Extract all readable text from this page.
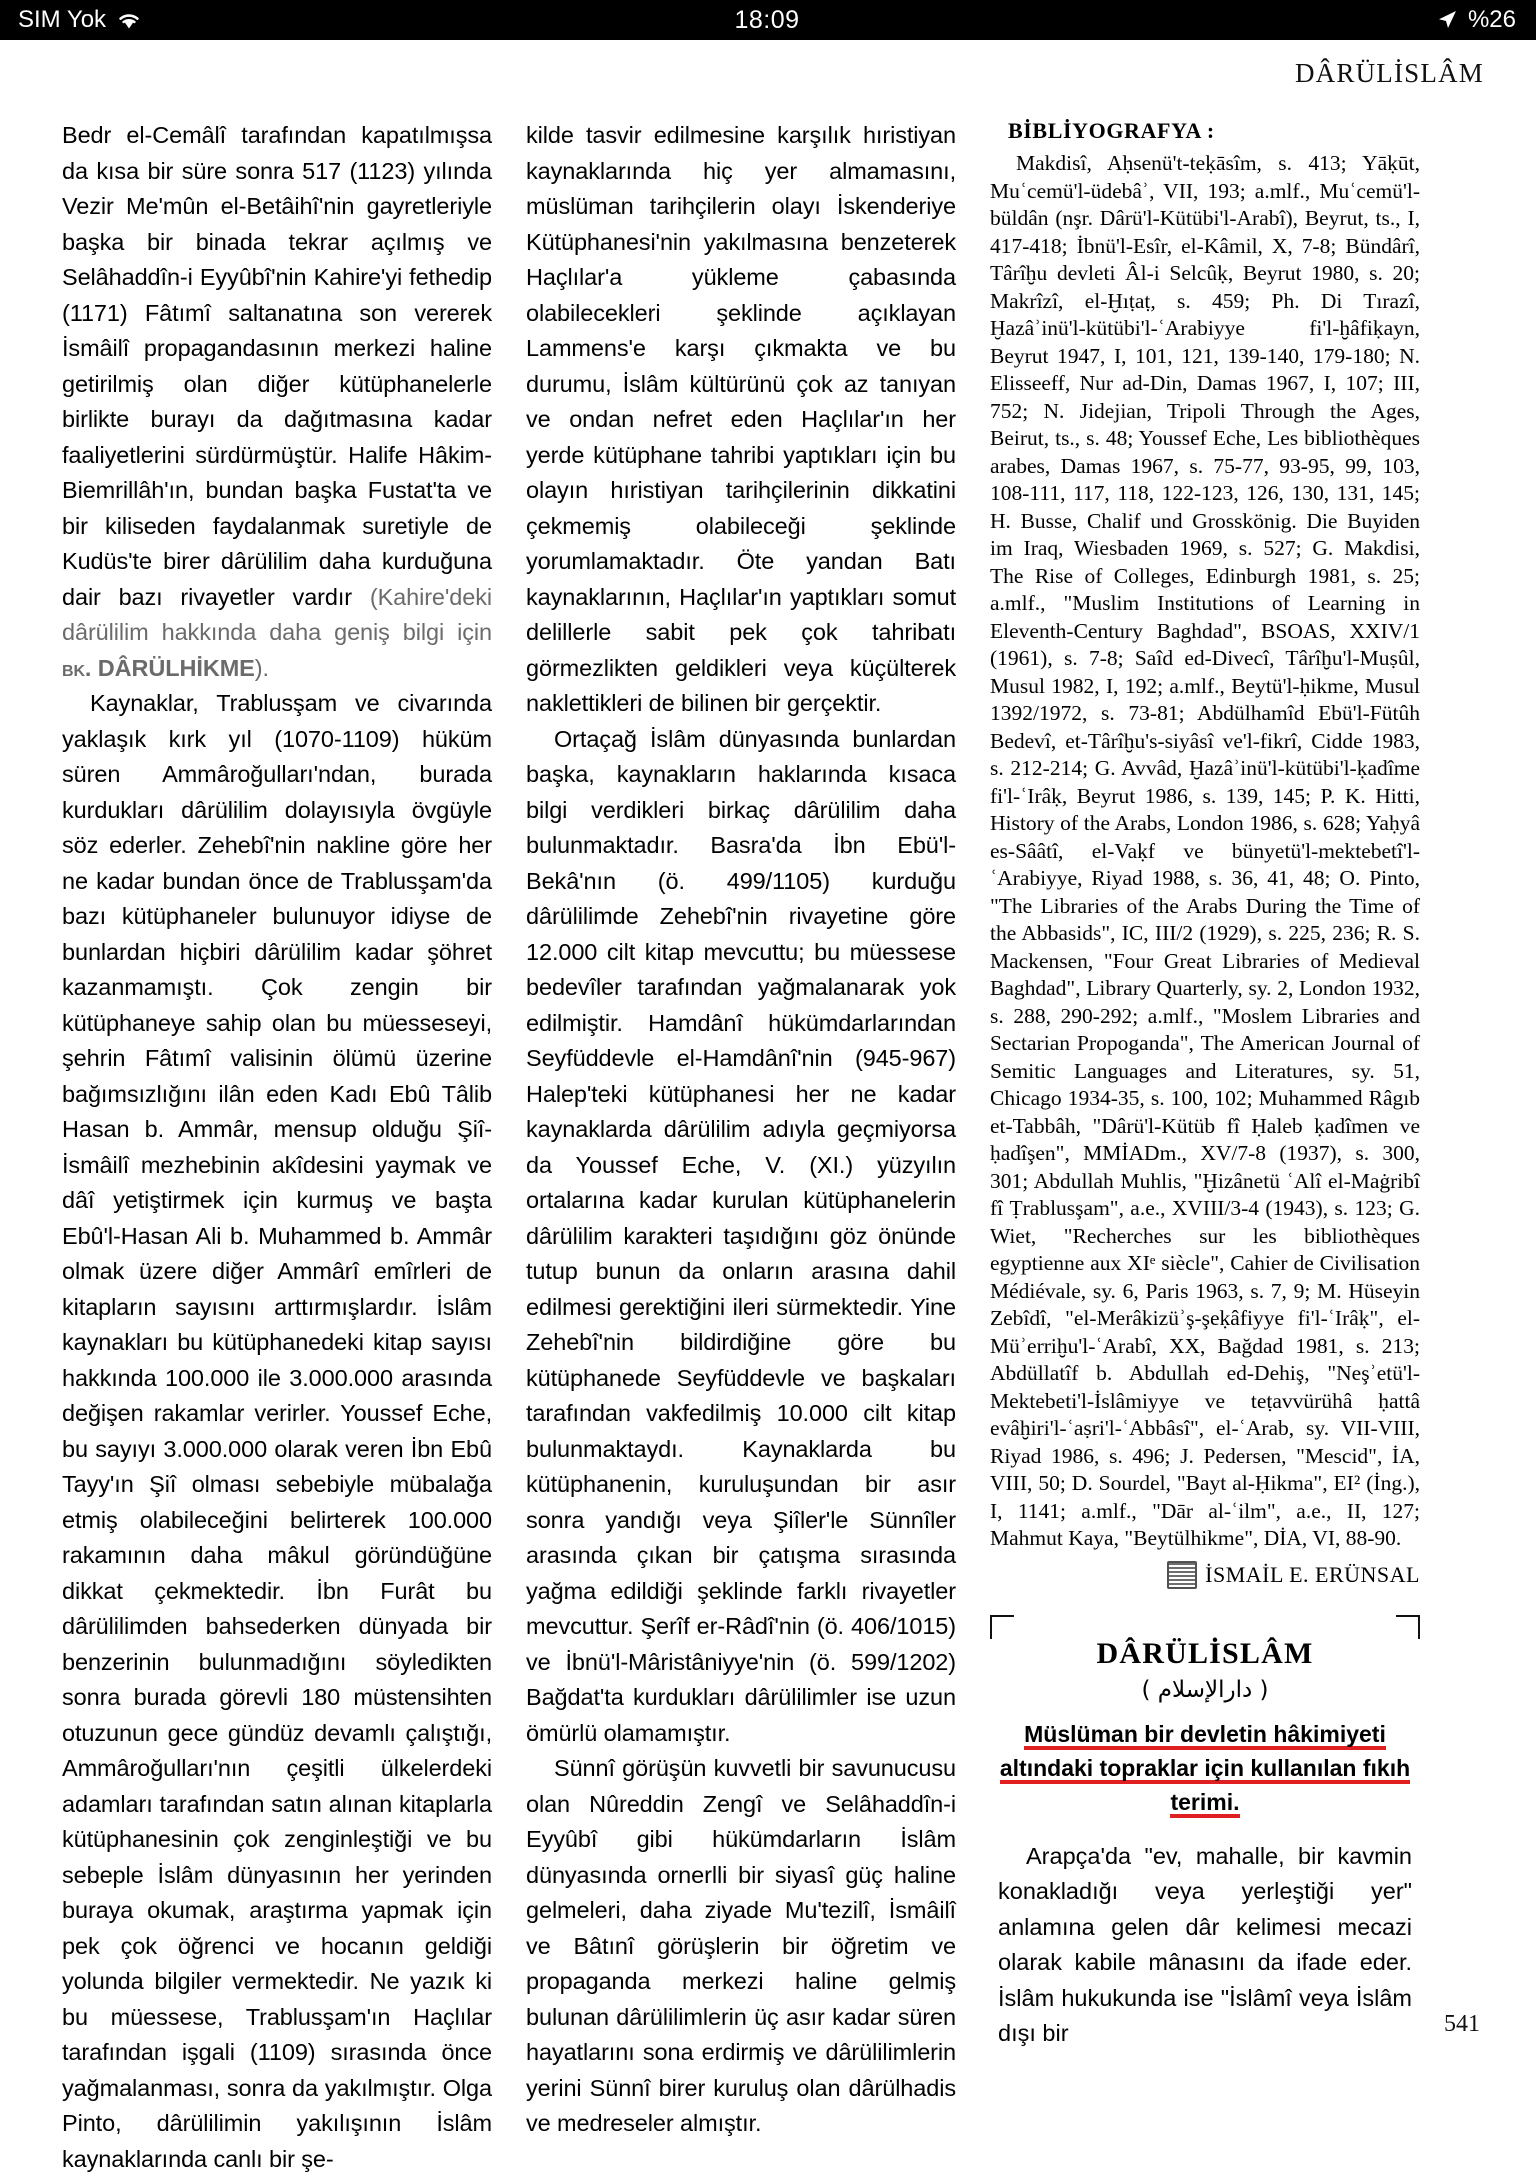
SIM Yok	18:09	%26
DÂRÜLİSLÂM

Bedr el-Cemâlî tarafından kapatılmışsa da kısa bir süre sonra 517 (1123) yılında Vezir Me'mûn el-Betâihî'nin gayretleriyle başka bir binada tekrar açılmış ve Selâhaddîn-i Eyyûbî'nin Kahire'yi fethedip (1171) Fâtımî saltanatına son vererek İsmâilî propagandasının merkezi haline getirilmiş olan diğer kütüphanelerle birlikte burayı da dağıtmasına kadar faaliyetlerini sürdürmüştür. Halife Hâkim-Biemrillâh'ın, bundan başka Fustat'ta ve bir kiliseden faydalanmak suretiyle de Kudüs'te birer dârülilim daha kurduğuna dair bazı rivayetler vardır (Kahire'deki dârülilim hakkında daha geniş bilgi için bk. DÂRÜLHİKME).

Kaynaklar, Trablusşam ve civarında yaklaşık kırk yıl (1070-1109) hüküm süren Ammâroğulları'ndan, burada kurdukları dârülilim dolayısıyla övgüyle söz ederler. Zehebî'nin nakline göre her ne kadar bundan önce de Trablusşam'da bazı kütüphaneler bulunuyor idiyse de bunlardan hiçbiri dârülilim kadar şöhret kazanmamıştı. Çok zengin bir kütüphaneye sahip olan bu müesseseyi, şehrin Fâtımî valisinin ölümü üzerine bağımsızlığını ilân eden Kadı Ebû Tâlib Hasan b. Ammâr, mensup olduğu Şiî-İsmâilî mezhebinin akîdesini yaymak ve dâî yetiştirmek için kurmuş ve başta Ebû'l-Hasan Ali b. Muhammed b. Ammâr olmak üzere diğer Ammârî emîrleri de kitapların sayısını arttırmışlardır. İslâm kaynakları bu kütüphanedeki kitap sayısı hakkında 100.000 ile 3.000.000 arasında değişen rakamlar verirler. Youssef Eche, bu sayıyı 3.000.000 olarak veren İbn Ebû Tayy'ın Şiî olması sebebiyle mübalağa etmiş olabileceğini belirterek 100.000 rakamının daha mâkul göründüğüne dikkat çekmektedir. İbn Furât bu dârülilimden bahsederken dünyada bir benzerinin bulunmadığını söyledikten sonra burada görevli 180 müstensihten otuzunun gece gündüz devamlı çalıştığı, Ammâroğulları'nın çeşitli ülkelerdeki adamları tarafından satın alınan kitaplarla kütüphanesinin çok zenginleştiği ve bu sebeple İslâm dünyasının her yerinden buraya okumak, araştırma yapmak için pek çok öğrenci ve hocanın geldiği yolunda bilgiler vermektedir. Ne yazık ki bu müessese, Trablusşam'ın Haçlılar tarafından işgali (1109) sırasında önce yağmalanması, sonra da yakılmıştır. Olga Pinto, dârülilimin yakılışının İslâm kaynaklarında canlı bir şe-

kilde tasvir edilmesine karşılık hıristiyan kaynaklarında hiç yer almamasını, müslüman tarihçilerin olayı İskenderiye Kütüphanesi'nin yakılmasına benzeterek Haçlılar'a yükleme çabasında olabilecekleri şeklinde açıklayan Lammens'e karşı çıkmakta ve bu durumu, İslâm kültürünü çok az tanıyan ve ondan nefret eden Haçlılar'ın her yerde kütüphane tahribi yaptıkları için bu olayın hıristiyan tarihçilerinin dikkatini çekmemiş olabileceği şeklinde yorumlamaktadır. Öte yandan Batı kaynaklarının, Haçlılar'ın yaptıkları somut delillerle sabit pek çok tahribatı görmezlikten geldikleri veya küçülterek naklettikleri de bilinen bir gerçektir.

Ortaçağ İslâm dünyasında bunlardan başka, kaynakların haklarında kısaca bilgi verdikleri birkaç dârülilim daha bulunmaktadır. Basra'da İbn Ebü'l-Bekâ'nın (ö. 499/1105) kurduğu dârülilimde Zehebî'nin rivayetine göre 12.000 cilt kitap mevcuttu; bu müessese bedevîler tarafından yağmalanarak yok edilmiştir. Hamdânî hükümdarlarından Seyfüddevle el-Hamdânî'nin (945-967) Halep'teki kütüphanesi her ne kadar kaynaklarda dârülilim adıyla geçmiyorsa da Youssef Eche, V. (XI.) yüzyılın ortalarına kadar kurulan kütüphanelerin dârülilim karakteri taşıdığını göz önünde tutup bunun da onların arasına dahil edilmesi gerektiğini ileri sürmektedir. Yine Zehebî'nin bildirdiğine göre bu kütüphanede Seyfüddevle ve başkaları tarafından vakfedilmiş 10.000 cilt kitap bulunmaktaydı. Kaynaklarda bu kütüphanenin, kuruluşundan bir asır sonra yandığı veya Şiîler'le Sünnîler arasında çıkan bir çatışma sırasında yağma edildiği şeklinde farklı rivayetler mevcuttur. Şerîf er-Râdî'nin (ö. 406/1015) ve İbnü'l-Mâristâniyye'nin (ö. 599/1202) Bağdat'ta kurdukları dârülilimler ise uzun ömürlü olamamıştır.

Sünnî görüşün kuvvetli bir savunucusu olan Nûreddin Zengî ve Selâhaddîn-i Eyyûbî gibi hükümdarların İslâm dünyasında ornerlli bir siyasî güç haline gelmeleri, daha ziyade Mu'tezilî, İsmâilî ve Bâtınî görüşlerin bir öğretim ve propaganda merkezi haline gelmiş bulunan dârülilimlerin üç asır kadar süren hayatlarını sona erdirmiş ve dârülilimlerin yerini Sünnî birer kuruluş olan dârülhadis ve medreseler almıştır.

BİBLİYOGRAFYA :

Makdisî, Aḥsenü't-teḳāsîm, s. 413; Yāḳūt, Muʿcemü'l-üdebâʾ, VII, 193; a.mlf., Muʿcemü'l-büldân (nşr. Dârü'l-Kütübi'l-Arabî), Beyrut, ts., I, 417-418; İbnü'l-Esîr, el-Kâmil, X, 7-8; Bündârî, Târîḫu devleti Âl-i Selcûḳ, Beyrut 1980, s. 20; Makrîzî, el-Ḫıṭaṭ, s. 459; Ph. Di Tırazî, Ḫazâʾinü'l-kütübi'l-ʿArabiyye fi'l-ḫâfiḳayn, Beyrut 1947, I, 101, 121, 139-140, 179-180; N. Elisseeff, Nur ad-Din, Damas 1967, I, 107; III, 752; N. Jidejian, Tripoli Through the Ages, Beirut, ts., s. 48; Youssef Eche, Les bibliothèques arabes, Damas 1967, s. 75-77, 93-95, 99, 103, 108-111, 117, 118, 122-123, 126, 130, 131, 145; H. Busse, Chalif und Grosskönig. Die Buyiden im Iraq, Wiesbaden 1969, s. 527; G. Makdisi, The Rise of Colleges, Edinburgh 1981, s. 25; a.mlf., "Muslim Institutions of Learning in Eleventh-Century Baghdad", BSOAS, XXIV/1 (1961), s. 7-8; Saîd ed-Divecî, Târîḫu'l-Muṣûl, Musul 1982, I, 192; a.mlf., Beytü'l-ḥikme, Musul 1392/1972, s. 73-81; Abdülhamîd Ebü'l-Fütûh Bedevî, et-Târîḫu's-siyâsî ve'l-fikrî, Cidde 1983, s. 212-214; G. Avvâd, Ḫazâʾinü'l-kütübi'l-ḳadîme fi'l-ʿIrâḳ, Beyrut 1986, s. 139, 145; P. K. Hitti, History of the Arabs, London 1986, s. 628; Yaḥyâ es-Sââtî, el-Vaḳf ve bünyetü'l-mektebetî'l-ʿArabiyye, Riyad 1988, s. 36, 41, 48; O. Pinto, "The Libraries of the Arabs During the Time of the Abbasids", IC, III/2 (1929), s. 225, 236; R. S. Mackensen, "Four Great Libraries of Medieval Baghdad", Library Quarterly, sy. 2, London 1932, s. 288, 290-292; a.mlf., "Moslem Libraries and Sectarian Propoganda", The American Journal of Semitic Languages and Literatures, sy. 51, Chicago 1934-35, s. 100, 102; Muhammed Râgıb et-Tabbâh, "Dârü'l-Kütüb fî Ḥaleb ḳadîmen ve ḥadîşen", MMİADm., XV/7-8 (1937), s. 300, 301; Abdullah Muhlis, "Ḫizânetü ʿAlî el-Maġribî fî Ṭrablusşam", a.e., XVIII/3-4 (1943), s. 123; G. Wiet, "Recherches sur les bibliothèques egyptienne aux XIᵉ siècle", Cahier de Civilisation Médiévale, sy. 6, Paris 1963, s. 7, 9; M. Hüseyin Zebîdî, "el-Merâkizüʾş-şeḳâfiyye fi'l-ʿIrâḳ", el-Müʾerriḫu'l-ʿArabî, XX, Bağdad 1981, s. 213; Abdüllatîf b. Abdullah ed-Dehiş, "Neşʾetü'l-Mektebeti'l-İslâmiyye ve teṭavvürühâ ḥattâ evâḫiri'l-ʿaṣri'l-ʿAbbâsî", el-ʿArab, sy. VII-VIII, Riyad 1986, s. 496; J. Pedersen, "Mescid", İA, VIII, 50; D. Sourdel, "Bayt al-Ḥikma", EI² (İng.), I, 1141; a.mlf., "Dār al-ʿilm", a.e., II, 127; Mahmut Kaya, "Beytülhikme", DİA, VI, 88-90.

İSMAİL E. ERÜNSAL
DÂRÜLİSLÂM
( دارالإسلام )
Müslüman bir devletin hâkimiyeti altındaki topraklar için kullanılan fıkıh terimi.

Arapça'da "ev, mahalle, bir kavmin konakladığı veya yerleştiği yer" anlamına gelen dâr kelimesi mecazi olarak kabile mânasını da ifade eder. İslâm hukukunda ise "İslâmî veya İslâm dışı bir	541
